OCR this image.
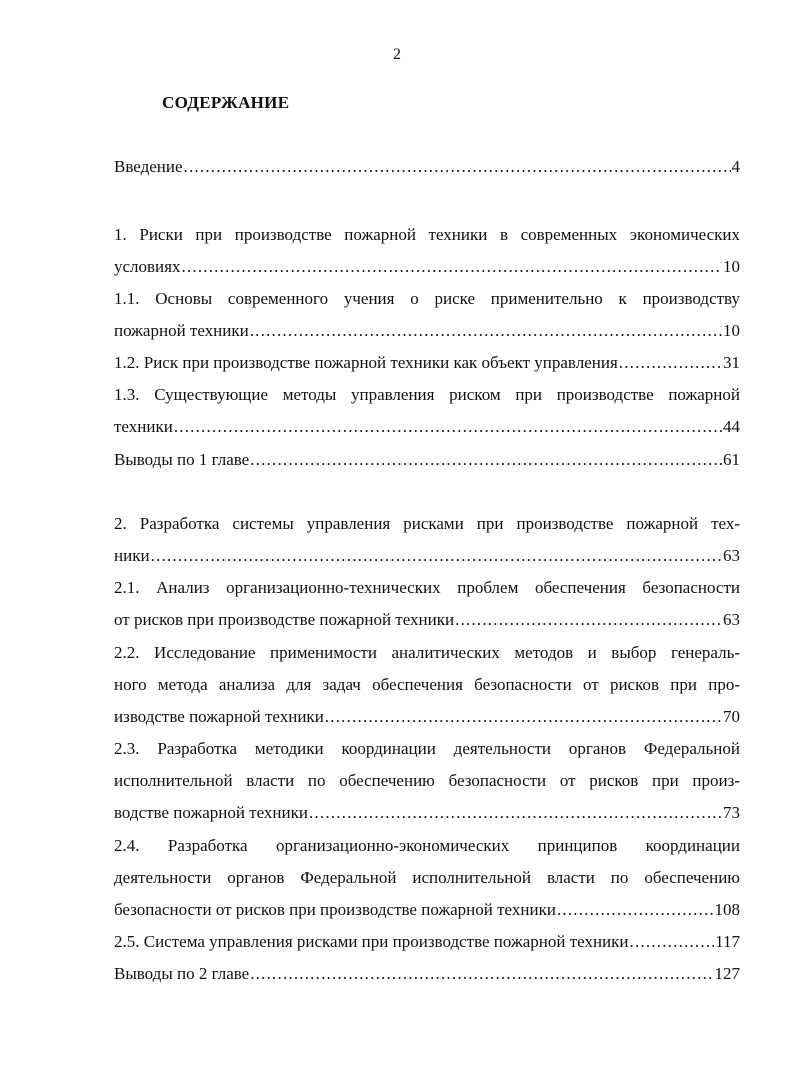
2
СОДЕРЖАНИЕ
Введение .....	4
1. Риски при производстве пожарной техники в современных экономических
условиях .....	10
1.1. Основы современного учения о риске применительно к производству
пожарной техники .....	10
1.2. Риск при производстве пожарной техники как объект управления .....	31
1.3. Существующие методы управления риском при производстве пожарной
техники .....	44
Выводы по 1 главе .....	61
2. Разработка системы управления рисками при производстве пожарной тех-
ники .....	63
2.1. Анализ организационно-технических проблем обеспечения безопасности
от рисков при производстве пожарной техники .....	63
2.2. Исследование применимости аналитических методов и выбор генераль-
ного метода анализа для задач обеспечения безопасности от рисков при про-
изводстве пожарной техники .....	70
2.3. Разработка методики координации деятельности органов Федеральной
исполнительной власти по обеспечению безопасности от рисков при произ-
водстве пожарной техники .....	73
2.4. Разработка организационно-экономических принципов координации
деятельности органов Федеральной исполнительной власти по обеспечению
безопасности от рисков при производстве пожарной техники .....	108
2.5. Система управления рисками при производстве пожарной техники .....	117
Выводы по 2 главе .....	127
